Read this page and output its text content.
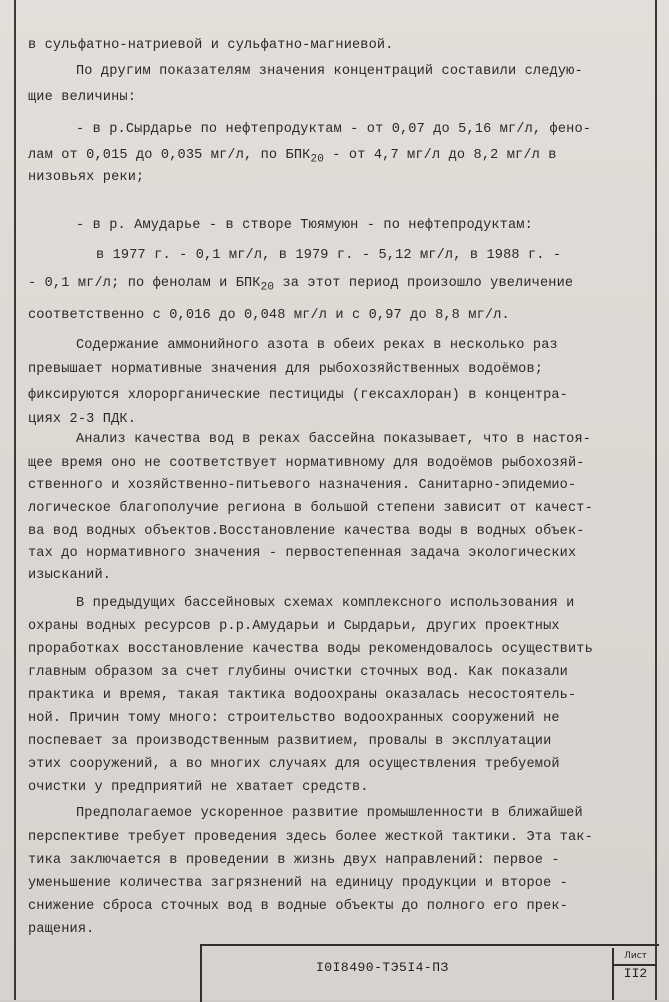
в сульфатно-натриевой и сульфатно-магниевой.
По другим показателям значения концентраций составили следую-
щие величины:
- в р.Сырдарье по нефтепродуктам - от 0,07 до 5,16 мг/л, фено-
лам от 0,015 до 0,035 мг/л, по $БПК_{20}$ - от 4,7 мг/л до 8,2 мг/л в
низовьях реки;
- в р. Амударье - в створе Тюямуюн - по нефтепродуктам:
в 1977 г. - 0,1 мг/л, в 1979 г. - 5,12 мг/л, в 1988 г. -
- 0,1 мг/л; по фенолам и $БПК_{20}$ за этот период произошло увеличение
соответственно с 0,016 до 0,048 мг/л и с 0,97 до 8,8 мг/л.
Содержание аммонийного азота в обеих реках в несколько раз
превышает нормативные значения для рыбохозяйственных водоёмов;
фиксируются хлорорганические пестициды (гексахлоран) в концентра-
циях 2-3 ПДК.
Анализ качества вод в реках бассейна показывает, что в настоя-
щее время оно не соответствует нормативному для водоёмов рыбохозяй-
ственного и хозяйственно-питьевого назначения. Санитарно-эпидемио-
логическое благополучие региона в большой степени зависит от качест-
ва вод водных объектов.Восстановление качества воды в водных объек-
тах до нормативного значения - первостепенная задача экологических
изысканий.
В предыдущих бассейновых схемах комплексного использования и
охраны водных ресурсов р.р.Амударьи и Сырдарьи, других проектных
проработках восстановление качества воды рекомендовалось осуществить
главным образом за счет глубины очистки сточных вод. Как показали
практика и время, такая тактика водоохраны оказалась несостоятель-
ной. Причин тому много: строительство водоохранных сооружений не
поспевает за производственным развитием, провалы в эксплуатации
этих сооружений, а во многих случаях для осуществления требуемой
очистки у предприятий не хватает средств.
Предполагаемое ускоренное развитие промышленности в ближайшей
перспективе требует проведения здесь более жесткой тактики. Эта так-
тика заключается в проведении в жизнь двух направлений: первое -
уменьшение количества загрязнений на единицу продукции и второе -
снижение сброса сточных вод в водные объекты до полного его прек-
ращения.
I0I8490-ТЭ5I4-ПЗ
Лист
II2
